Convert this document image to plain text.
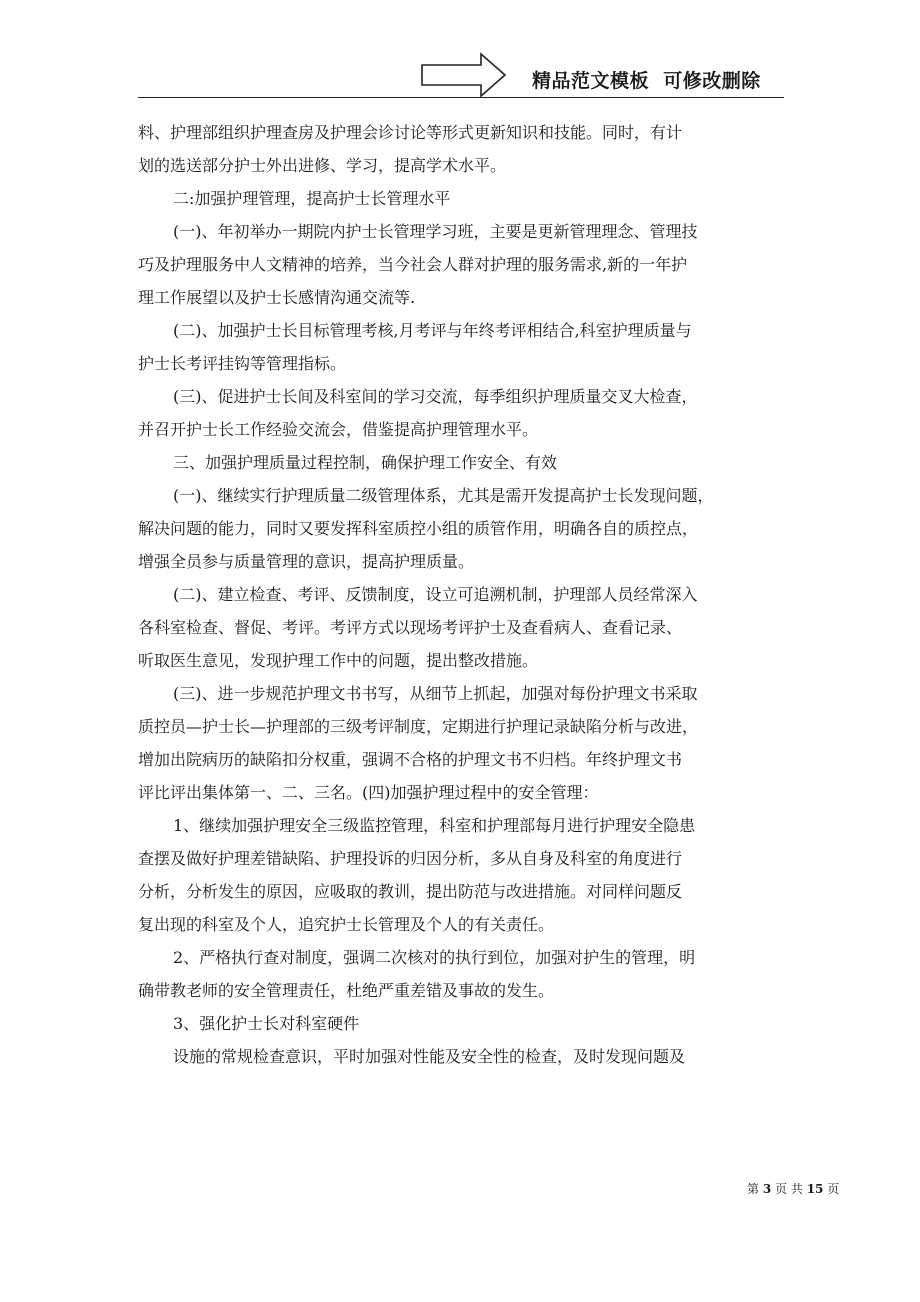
精品范文模板  可修改删除
料、护理部组织护理查房及护理会诊讨论等形式更新知识和技能。同时，有计
划的选送部分护士外出进修、学习，提高学术水平。
二:加强护理管理，提高护士长管理水平
(一)、年初举办一期院内护士长管理学习班，主要是更新管理理念、管理技
巧及护理服务中人文精神的培养，当今社会人群对护理的服务需求,新的一年护
理工作展望以及护士长感情沟通交流等.
(二)、加强护士长目标管理考核,月考评与年终考评相结合,科室护理质量与
护士长考评挂钩等管理指标。
(三)、促进护士长间及科室间的学习交流，每季组织护理质量交叉大检查，
并召开护士长工作经验交流会，借鉴提高护理管理水平。
三、加强护理质量过程控制，确保护理工作安全、有效
(一)、继续实行护理质量二级管理体系，尤其是需开发提高护士长发现问题，
解决问题的能力，同时又要发挥科室质控小组的质管作用，明确各自的质控点，
增强全员参与质量管理的意识，提高护理质量。
(二)、建立检查、考评、反馈制度，设立可追溯机制，护理部人员经常深入
各科室检查、督促、考评。考评方式以现场考评护士及查看病人、查看记录、
听取医生意见，发现护理工作中的问题，提出整改措施。
(三)、进一步规范护理文书书写，从细节上抓起，加强对每份护理文书采取
质控员—护士长—护理部的三级考评制度，定期进行护理记录缺陷分析与改进，
增加出院病历的缺陷扣分权重，强调不合格的护理文书不归档。年终护理文书
评比评出集体第一、二、三名。(四)加强护理过程中的安全管理：
1、继续加强护理安全三级监控管理，科室和护理部每月进行护理安全隐患
查摆及做好护理差错缺陷、护理投诉的归因分析，多从自身及科室的角度进行
分析，分析发生的原因，应吸取的教训，提出防范与改进措施。对同样问题反
复出现的科室及个人，追究护士长管理及个人的有关责任。
2、严格执行查对制度，强调二次核对的执行到位，加强对护生的管理，明
确带教老师的安全管理责任，杜绝严重差错及事故的发生。
3、强化护士长对科室硬件
设施的常规检查意识，平时加强对性能及安全性的检查，及时发现问题及
第 3 页 共 15 页
